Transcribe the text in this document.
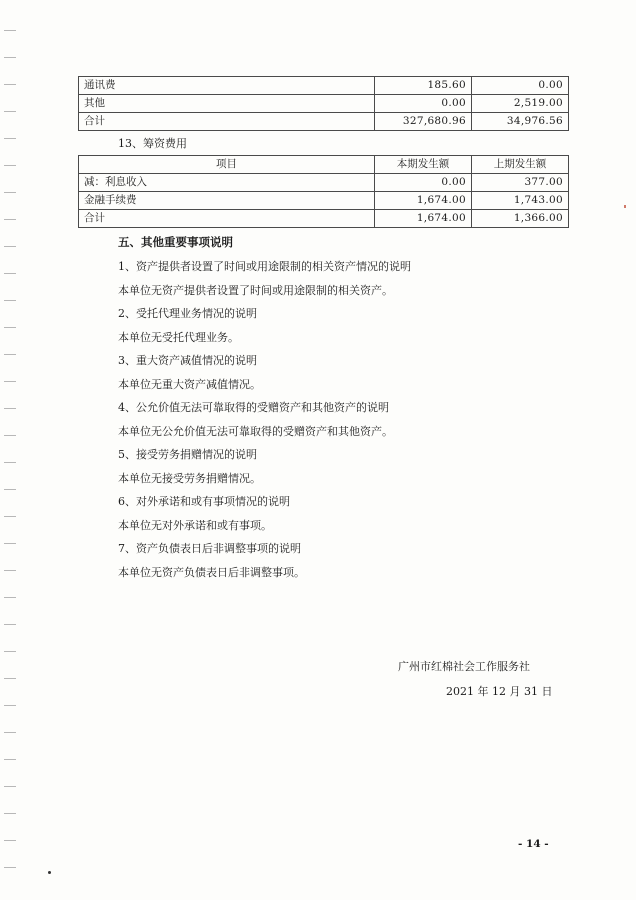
通讯费	185.60	0.00
其他	0.00	2,519.00
合计	327,680.96	34,976.56
13、筹资费用
项目	本期发生额	上期发生额
减：利息收入	0.00	377.00
金融手续费	1,674.00	1,743.00
合计	1,674.00	1,366.00
五、其他重要事项说明
1、资产提供者设置了时间或用途限制的相关资产情况的说明
本单位无资产提供者设置了时间或用途限制的相关资产。
2、受托代理业务情况的说明
本单位无受托代理业务。
3、重大资产减值情况的说明
本单位无重大资产减值情况。
4、公允价值无法可靠取得的受赠资产和其他资产的说明
本单位无公允价值无法可靠取得的受赠资产和其他资产。
5、接受劳务捐赠情况的说明
本单位无接受劳务捐赠情况。
6、对外承诺和或有事项情况的说明
本单位无对外承诺和或有事项。
7、资产负债表日后非调整事项的说明
本单位无资产负债表日后非调整事项。
广州市红棉社会工作服务社
2021 年 12 月 31 日
- 14 -
